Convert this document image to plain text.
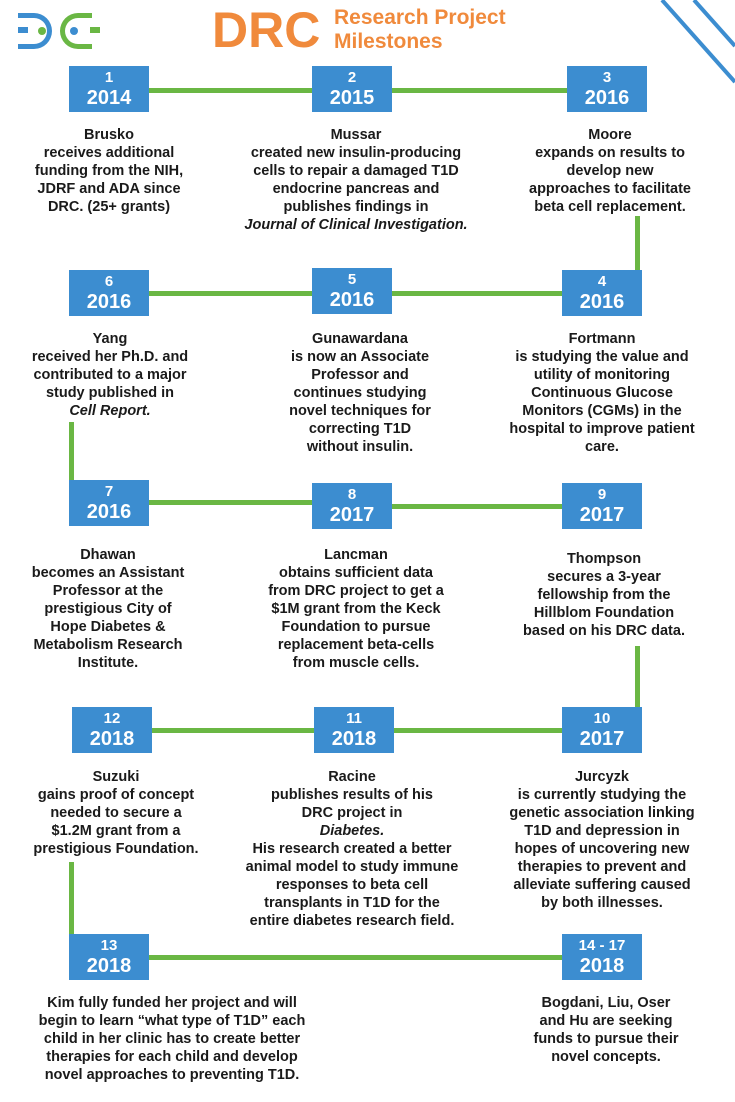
DRC Research Project
Milestones
1
2014
2
2015
3
2016
4
2016
5
2016
6
2016
7
2016
8
2017
9
2017
10
2017
11
2018
12
2018
13
2018
14 - 17
2018
Brusko
receives additional
funding from the NIH,
JDRF and ADA since
DRC. (25+ grants)
Mussar
created new insulin-producing
cells to repair a damaged T1D
endocrine pancreas and
publishes findings in
Journal of Clinical Investigation.
Moore
expands on results to
develop new
approaches to facilitate
beta cell replacement.
Fortmann
is studying the value and
utility of monitoring
Continuous Glucose
Monitors (CGMs) in the
hospital to improve patient
care.
Gunawardana
is now an Associate
Professor and
continues studying
novel techniques for
correcting T1D
without insulin.
Yang
received her Ph.D. and
contributed to a major
study published in
Cell Report.
Dhawan
becomes an Assistant
Professor at the
prestigious City of
Hope Diabetes &
Metabolism Research
Institute.
Lancman
obtains sufficient data
from DRC project to get a
$1M grant from the Keck
Foundation to pursue
replacement beta-cells
from muscle cells.
Thompson
secures a 3-year
fellowship from the
Hillblom Foundation
based on his DRC data.
Jurcyzk
is currently studying the
genetic association linking
T1D and depression in
hopes of uncovering new
therapies to prevent and
alleviate suffering caused
by both illnesses.
Racine
publishes results of his
DRC project in
Diabetes.
His research created a better
animal model to study immune
responses to beta cell
transplants in T1D for the
entire diabetes research field.
Suzuki
gains proof of concept
needed to secure a
$1.2M grant from a
prestigious Foundation.
Kim fully funded her project and will
begin to learn “what type of T1D” each
child in her clinic has to create better
therapies for each child and develop
novel approaches to preventing T1D.
Bogdani, Liu, Oser
and Hu are seeking
funds to pursue their
novel concepts.
